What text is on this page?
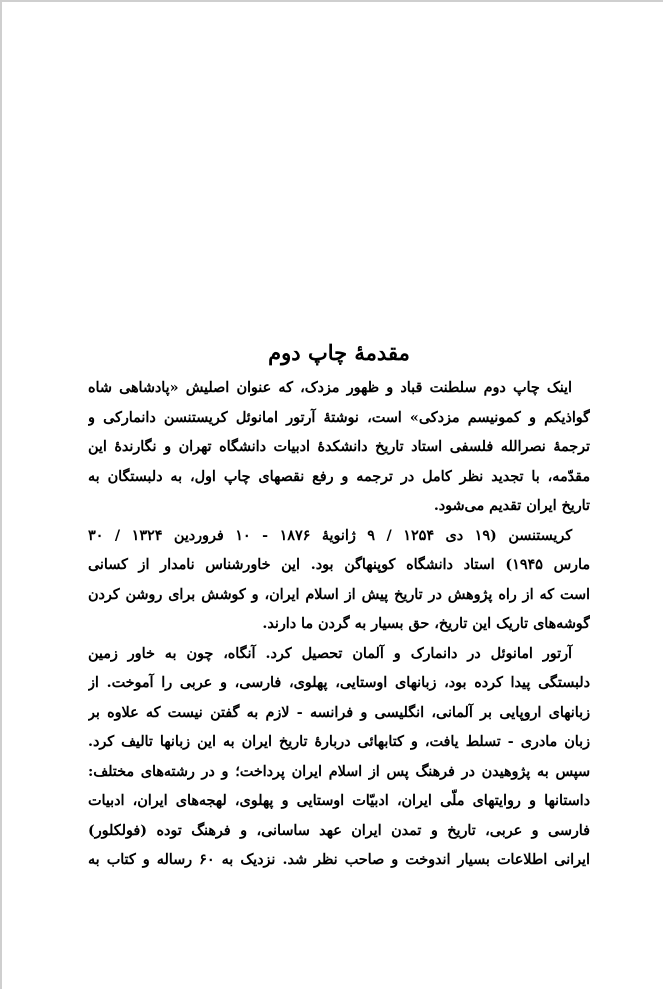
مقدمهٔ چاپ دوم
اینک چاپ دوم سلطنت قباد و ظهور مزدک، که عنوان اصلیش «پادشاهی شاه
گواذیکم و کمونیسم مزدکی» است، نوشتهٔ آرتور امانوئل کریستنسن دانمارکی و
ترجمهٔ نصرالله فلسفی استاد تاریخ دانشکدهٔ ادبیات دانشگاه تهران و نگارندهٔ این
مقدّمه، با تجدید نظر کامل در ترجمه و رفع نقصهای چاپ اول، به دلبستگان به
تاریخ ایران تقدیم می‌شود.
کریستنسن (۱۹ دی ۱۲۵۴ / ۹ ژانویهٔ ۱۸۷۶ - ۱۰ فروردین ۱۳۲۴ / ۳۰
مارس ۱۹۴۵) استاد دانشگاه کوپنهاگن بود. این خاورشناس نامدار از کسانی
است که از راه پژوهش در تاریخ پیش از اسلام ایران، و کوشش برای روشن کردن
گوشه‌های تاریک این تاریخ، حق بسیار به گردن ما دارند.
آرتور امانوئل در دانمارک و آلمان تحصیل کرد. آنگاه، چون به خاور زمین
دلبستگی پیدا کرده بود، زبانهای اوستایی، پهلوی، فارسی، و عربی را آموخت. از
زبانهای اروپایی بر آلمانی، انگلیسی و فرانسه - لازم به گفتن نیست که علاوه بر
زبان مادری - تسلط یافت، و کتابهائی دربارهٔ تاریخ ایران به این زبانها تالیف کرد.
سپس به پژوهیدن در فرهنگ پس از اسلام ایران پرداخت؛ و در رشته‌های مختلف:
داستانها و روایتهای ملّی ایران، ادبیّات اوستایی و پهلوی، لهجه‌های ایران، ادبیات
فارسی و عربی، تاریخ و تمدن ایران عهد ساسانی، و فرهنگ توده (فولکلور)
ایرانی اطلاعات بسیار اندوخت و صاحب نظر شد. نزدیک به ۶۰ رساله و کتاب به
